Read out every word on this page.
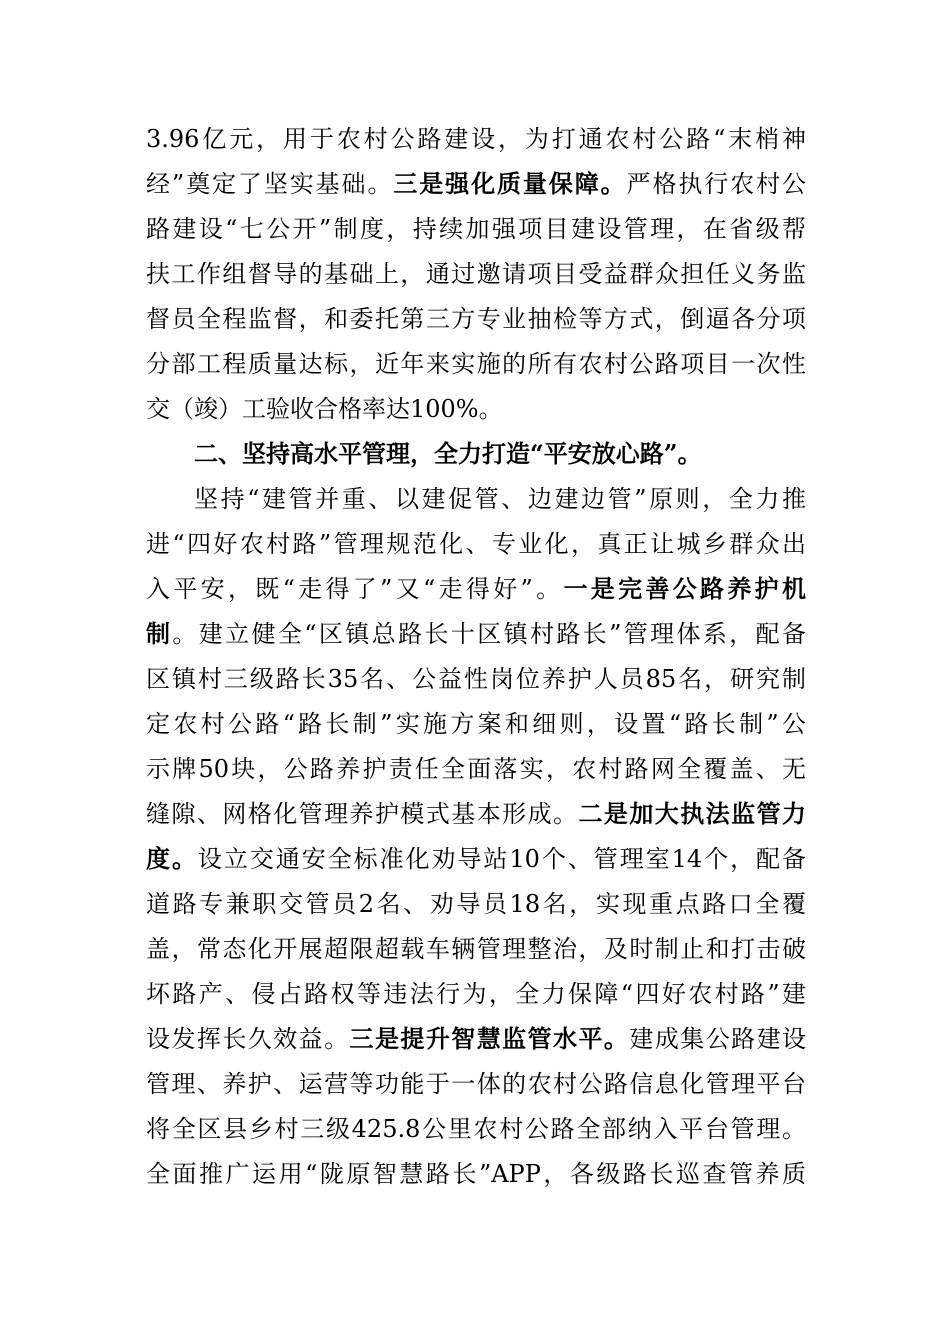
3.96亿元，用于农村公路建设，为打通农村公路“末梢神
经”奠定了坚实基础。三是强化质量保障。严格执行农村公
路建设“七公开”制度，持续加强项目建设管理，在省级帮
扶工作组督导的基础上，通过邀请项目受益群众担任义务监
督员全程监督，和委托第三方专业抽检等方式，倒逼各分项
分部工程质量达标，近年来实施的所有农村公路项目一次性
交（竣）工验收合格率达100%。
二、坚持高水平管理，全力打造“平安放心路”。
坚持“建管并重、以建促管、边建边管”原则，全力推
进“四好农村路”管理规范化、专业化，真正让城乡群众出
入平安，既“走得了”又“走得好”。一是完善公路养护机
制。建立健全“区镇总路长十区镇村路长”管理体系，配备
区镇村三级路长35名、公益性岗位养护人员85名，研究制
定农村公路“路长制”实施方案和细则，设置“路长制”公
示牌50块，公路养护责任全面落实，农村路网全覆盖、无
缝隙、网格化管理养护模式基本形成。二是加大执法监管力
度。设立交通安全标准化劝导站10个、管理室14个，配备
道路专兼职交管员2名、劝导员18名，实现重点路口全覆
盖，常态化开展超限超载车辆管理整治，及时制止和打击破
坏路产、侵占路权等违法行为，全力保障“四好农村路”建
设发挥长久效益。三是提升智慧监管水平。建成集公路建设
管理、养护、运营等功能于一体的农村公路信息化管理平台
将全区县乡村三级425.8公里农村公路全部纳入平台管理。
全面推广运用“陇原智慧路长”APP，各级路长巡查管养质
